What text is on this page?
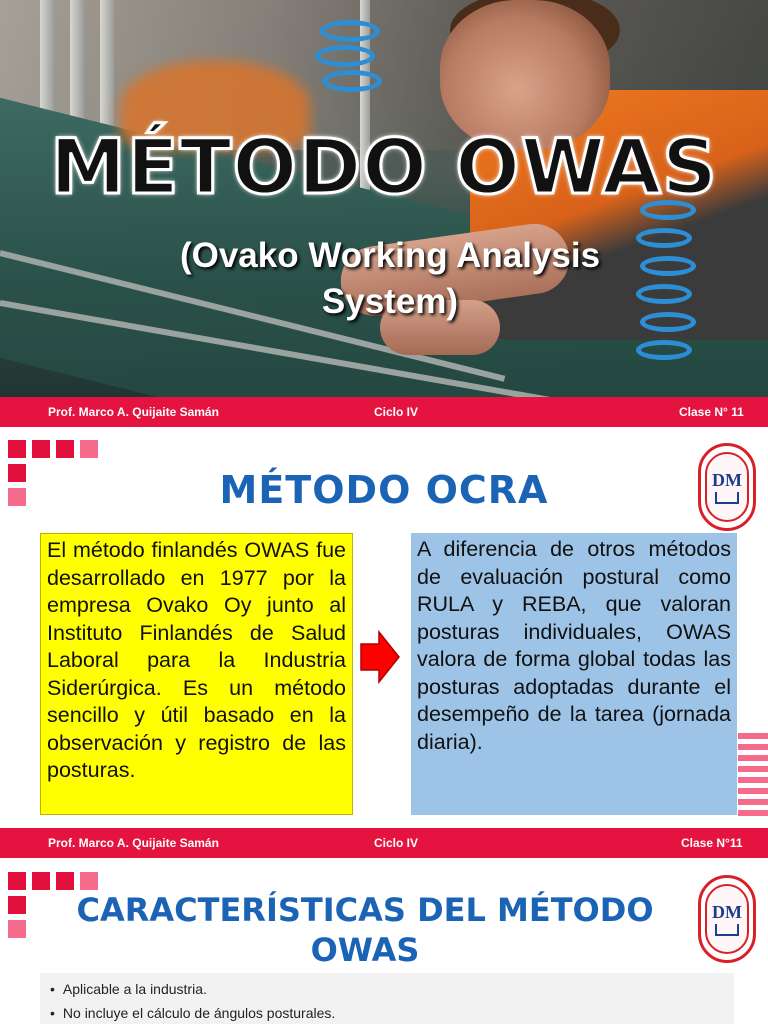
MÉTODO OWAS
(Ovako Working Analysis
System)
Prof. Marco A. Quijaite Samán	Ciclo IV	Clase N° 11
DM
MÉTODO OCRA
El método finlandés OWAS fue desarrollado en 1977 por la empresa Ovako Oy junto al Instituto Finlandés de Salud Laboral para la Industria Siderúrgica. Es un método sencillo y útil basado en la observación y registro de las posturas.
A diferencia de otros métodos de evaluación postural como RULA y REBA, que valoran posturas individuales, OWAS valora de forma global todas las posturas adoptadas durante el desempeño de la tarea (jornada diaria).
Prof. Marco A. Quijaite Samán	Ciclo IV	Clase N°11
DM
CARACTERÍSTICAS DEL MÉTODO
OWAS
• Aplicable a la industria.
• No incluye el cálculo de ángulos posturales.
